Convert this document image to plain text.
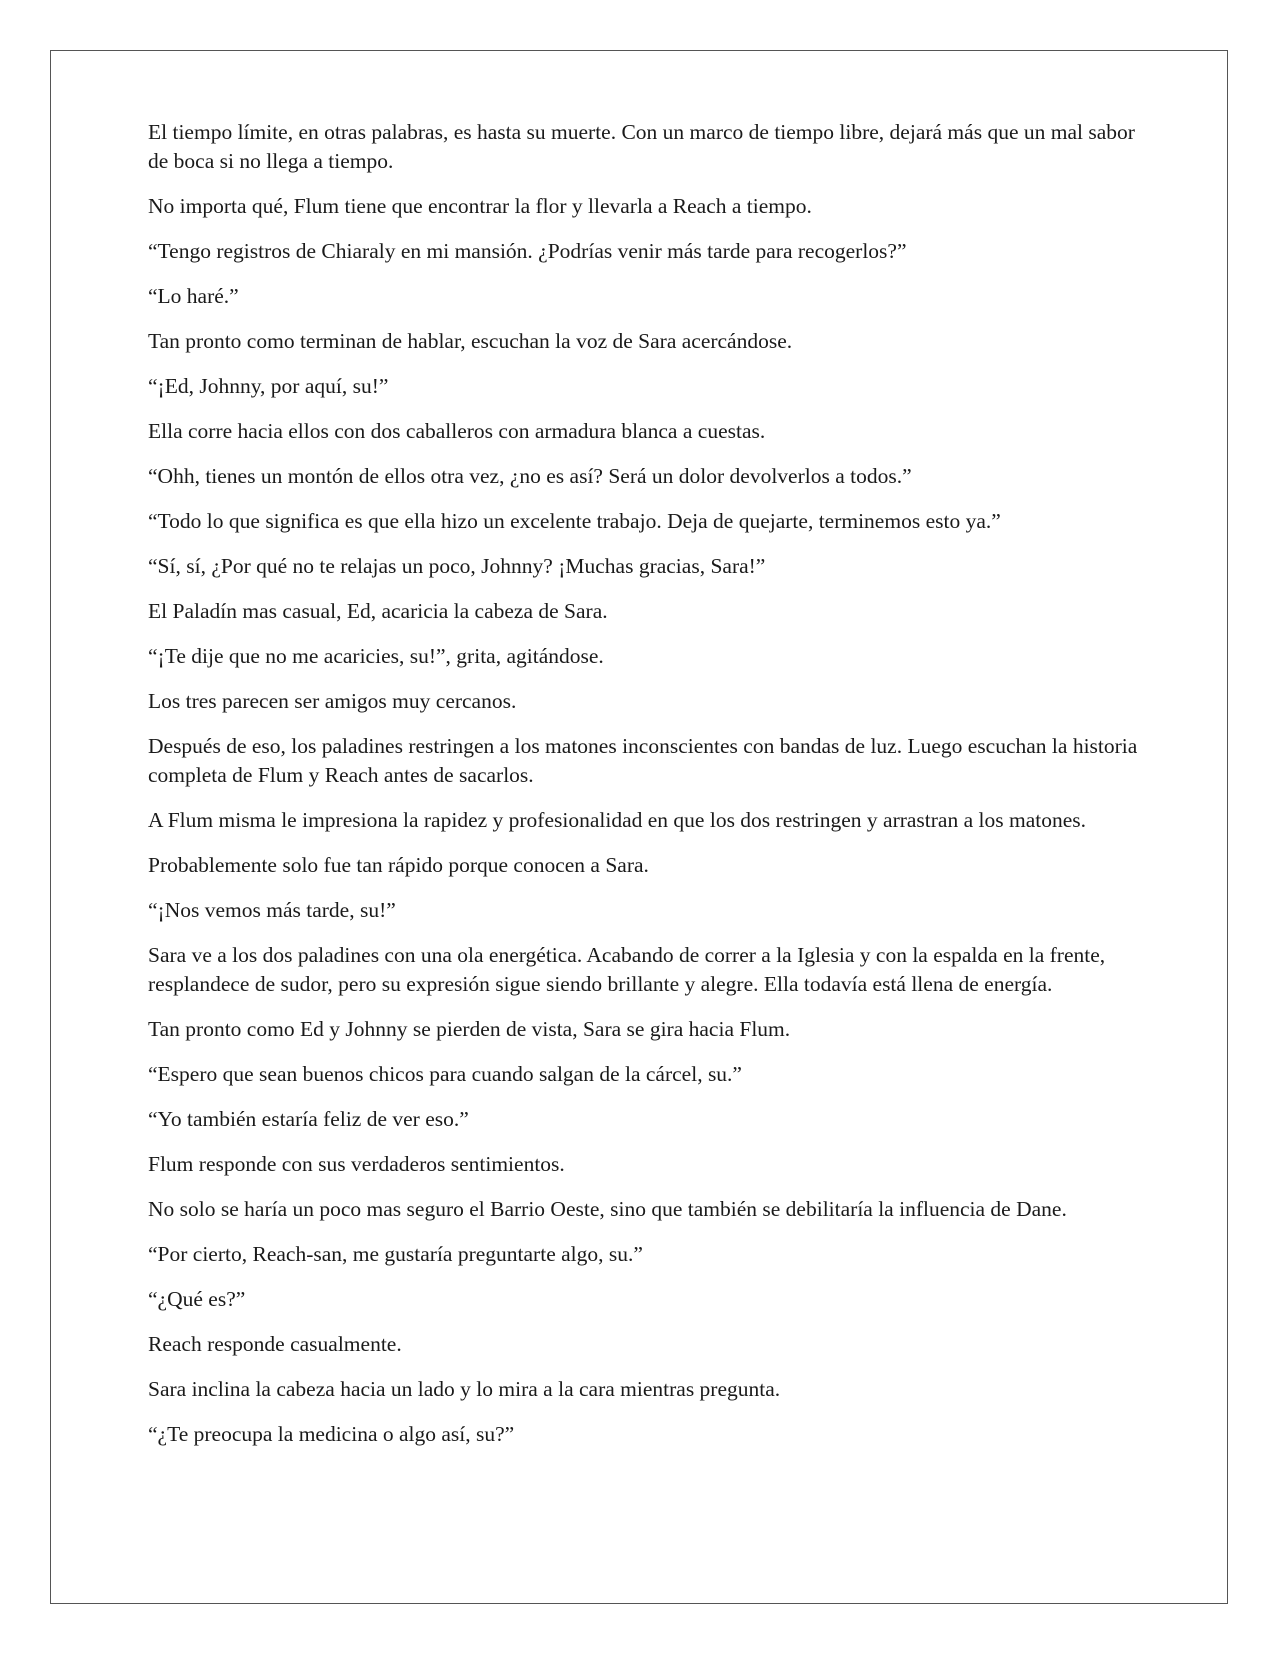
El tiempo límite, en otras palabras, es hasta su muerte. Con un marco de tiempo libre, dejará más que un mal sabor de boca si no llega a tiempo.

No importa qué, Flum tiene que encontrar la flor y llevarla a Reach a tiempo.

“Tengo registros de Chiaraly en mi mansión. ¿Podrías venir más tarde para recogerlos?”

“Lo haré.”

Tan pronto como terminan de hablar, escuchan la voz de Sara acercándose.

“¡Ed, Johnny, por aquí, su!”

Ella corre hacia ellos con dos caballeros con armadura blanca a cuestas.

“Ohh, tienes un montón de ellos otra vez, ¿no es así? Será un dolor devolverlos a todos.”

“Todo lo que significa es que ella hizo un excelente trabajo. Deja de quejarte, terminemos esto ya.”

“Sí, sí, ¿Por qué no te relajas un poco, Johnny? ¡Muchas gracias, Sara!”

El Paladín mas casual, Ed, acaricia la cabeza de Sara.

“¡Te dije que no me acaricies, su!”, grita, agitándose.

Los tres parecen ser amigos muy cercanos.

Después de eso, los paladines restringen a los matones inconscientes con bandas de luz. Luego escuchan la historia completa de Flum y Reach antes de sacarlos.

A Flum misma le impresiona la rapidez y profesionalidad en que los dos restringen y arrastran a los matones.

Probablemente solo fue tan rápido porque conocen a Sara.

“¡Nos vemos más tarde, su!”

Sara ve a los dos paladines con una ola energética. Acabando de correr a la Iglesia y con la espalda en la frente, resplandece de sudor, pero su expresión sigue siendo brillante y alegre. Ella todavía está llena de energía.

Tan pronto como Ed y Johnny se pierden de vista, Sara se gira hacia Flum.

“Espero que sean buenos chicos para cuando salgan de la cárcel, su.”

“Yo también estaría feliz de ver eso.”

Flum responde con sus verdaderos sentimientos.

No solo se haría un poco mas seguro el Barrio Oeste, sino que también se debilitaría la influencia de Dane.

“Por cierto, Reach-san, me gustaría preguntarte algo, su.”

“¿Qué es?”

Reach responde casualmente.

Sara inclina la cabeza hacia un lado y lo mira a la cara mientras pregunta.

“¿Te preocupa la medicina o algo así, su?”
